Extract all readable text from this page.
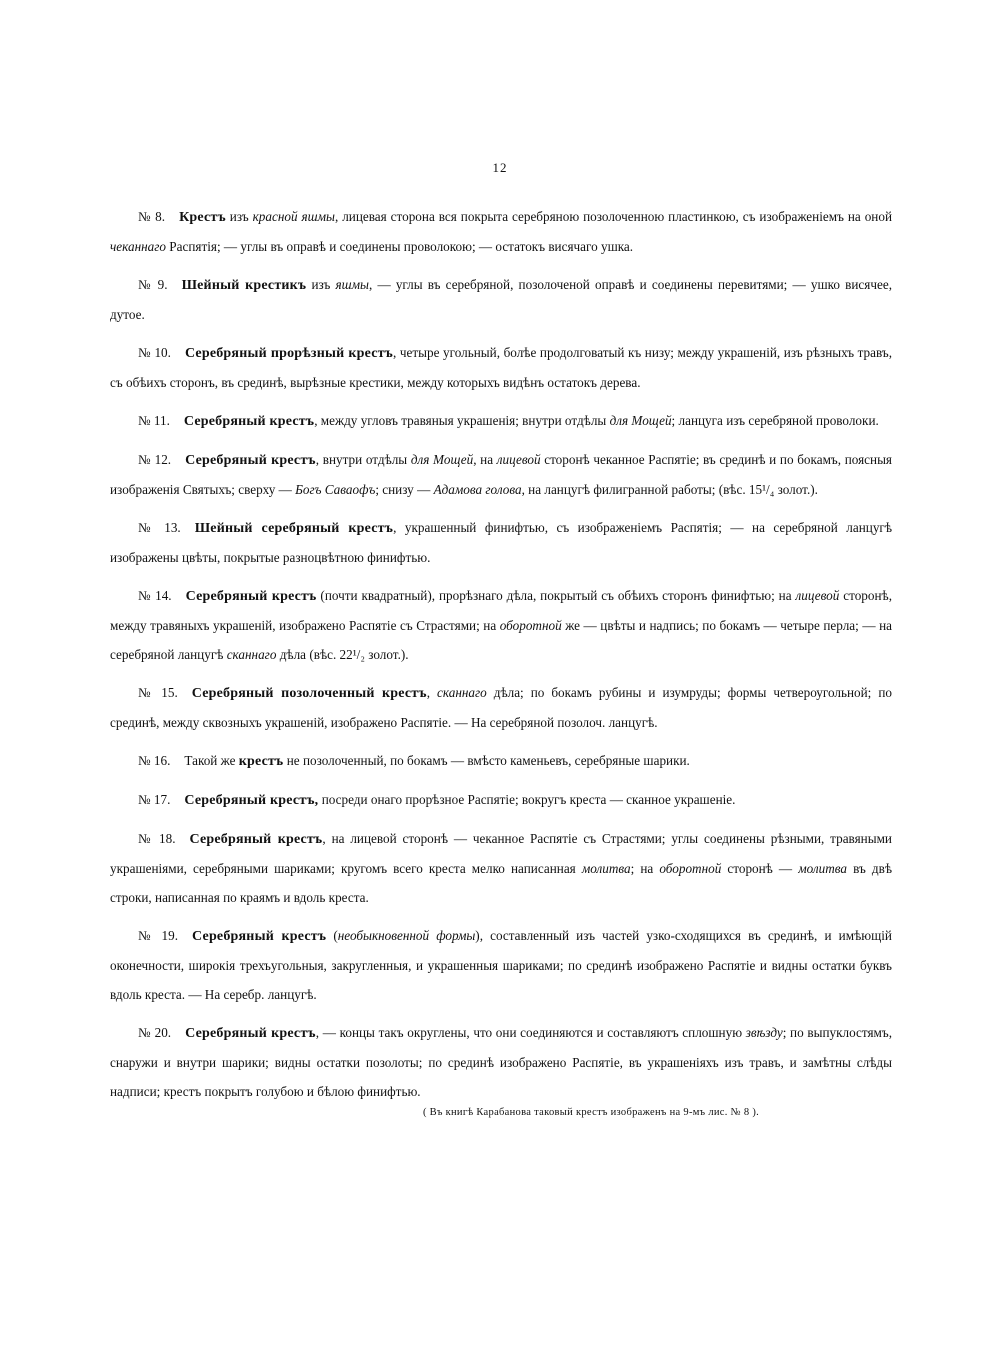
12

№ 8. Крестъ изъ красной яшмы, лицевая сторона вся покрыта серебряною позолоченною пластинкою, съ изображенiемъ на оной чеканнаго Распятiя; — углы въ оправѣ и соединены проволокою; — остатокъ висячаго ушка.

№ 9. Шейный крестикъ изъ яшмы, — углы въ серебряной, позолоченой оправѣ и соединены перевитями; — ушко висячее, дутое.

№ 10. Серебряный прорѣзный крестъ, четыре угольный, болѣе продолговатый къ низу; между украшенiй, изъ рѣзныхъ травъ, съ обѣихъ сторонъ, въ срединѣ, вырѣзные крестики, между которыхъ видѣнъ остатокъ дерева.

№ 11. Серебряный крестъ, между угловъ травяныя украшенiя; внутри отдѣлы для Мощей; ланцуга изъ серебряной проволоки.

№ 12. Серебряный крестъ, внутри отдѣлы для Мощей, на лицевой сторонѣ чеканное Распятiе; въ срединѣ и по бокамъ, поясныя изображенiя Святыхъ; сверху — Богъ Саваофъ; снизу — Адамова голова, на ланцугѣ филигранной работы; (вѣс. 15¹/₄ золот.).

№ 13. Шейный серебряный крестъ, украшенный финифтью, съ изображенiемъ Распятiя; — на серебряной ланцугѣ изображены цвѣты, покрытые разноцвѣтною финифтью.

№ 14. Серебряный крестъ (почти квадратный), прорѣзнаго дѣла, покрытый съ обѣихъ сторонъ финифтью; на лицевой сторонѣ, между травяныхъ украшенiй, изображено Распятiе съ Страстями; на оборотной же — цвѣты и надпись; по бокамъ — четыре перла; — на серебряной ланцугѣ сканнаго дѣла (вѣс. 22¹/₂ золот.).

№ 15. Серебряный позолоченный крестъ, сканнаго дѣла; по бокамъ рубины и изумруды; формы четвероугольной; по срединѣ, между сквозныхъ украшенiй, изображено Распятiе. — На серебряной позолоч. ланцугѣ.

№ 16. Такой же крестъ не позолоченный, по бокамъ — вмѣсто каменьевъ, серебряные шарики.

№ 17. Серебряный крестъ, посреди онаго прорѣзное Распятiе; вокругъ креста — сканное украшенiе.

№ 18. Серебряный крестъ, на лицевой сторонѣ — чеканное Распятiе съ Страстями; углы соединены рѣзными, травяными украшенiями, серебряными шариками; кругомъ всего креста мелко написанная молитва; на оборотной сторонѣ — молитва въ двѣ строки, написанная по краямъ и вдоль креста.

№ 19. Серебряный крестъ (необыкновенной формы), составленный изъ частей узко-сходящихся въ срединѣ, и имѣющiй оконечности, широкiя трехъугольныя, закругленныя, и украшенныя шариками; по срединѣ изображено Распятiе и видны остатки буквъ вдоль креста. — На серебр. ланцугѣ.

№ 20. Серебряный крестъ, — концы такъ округлены, что они соединяются и составляютъ сплошную звѣзду; по выпуклостямъ, снаружи и внутри шарики; видны остатки позолоты; по срединѣ изображено Распятiе, въ украшенiяхъ изъ травъ, и замѣтны слѣды надписи; крестъ покрытъ голубою и бѣлою финифтью.

( Въ книгѣ Карабанова таковый крестъ изображенъ на 9-мъ лис. № 8 ).
